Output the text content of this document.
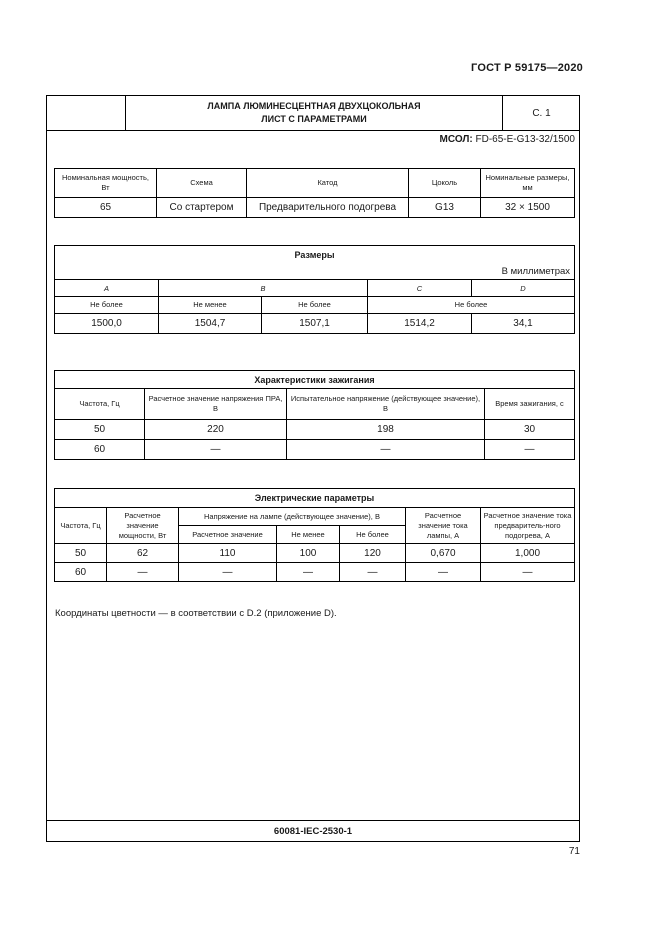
ГОСТ Р 59175—2020
ЛАМПА ЛЮМИНЕСЦЕНТНАЯ ДВУХЦОКОЛЬНАЯ
ЛИСТ С ПАРАМЕТРАМИ
С. 1
МСОЛ: FD-65-E-G13-32/1500
Номинальная мощность, Вт	Схема	Катод	Цоколь	Номинальные размеры, мм
65	Со стартером	Предварительного подогрева	G13	32 × 1500
Размеры				
В миллиметрах				
A	B		C	D
Не более	Не менее	Не более	Не более	
1500,0	1504,7	1507,1	1514,2	34,1
Характеристики зажигания			
Частота, Гц	Расчетное значение напряжения ПРА, В	Испытательное напряжение (действующее значение), В	Время зажигания, с
50	220	198	30
60	—	—	—
Электрические параметры						
Частота, Гц	Расчетное значение мощности, Вт	Напряжение на лампе (действующее значение), В			Расчетное значение тока лампы, А	Расчетное значение тока предваритель-ного подогрева, А
		Расчетное значение	Не менее	Не более		
50	62	110	100	120	0,670	1,000
60	—	—	—	—	—	—
Координаты цветности — в соответствии с D.2 (приложение D).
60081-IEC-2530-1
71
